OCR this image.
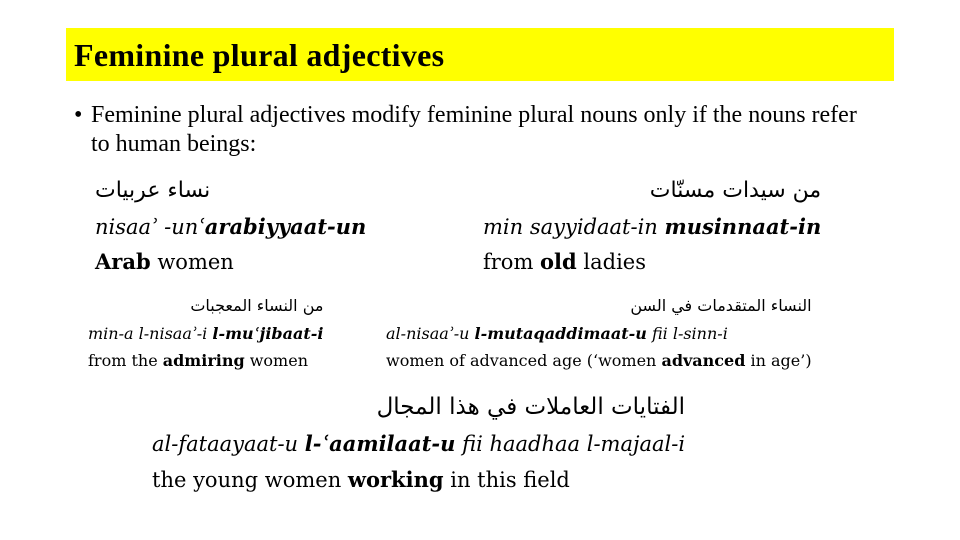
Feminine plural adjectives
• Feminine plural adjectives modify feminine plural nouns only if the nouns refer to human beings:
نساء عربيات
nisaaʾ -unʿarabiyyaat-un
Arab women
من سيدات مسنّات
min sayyidaat-in musinnaat-in
from old ladies
من النساء المعجبات
min-a l-nisaaʾ-i l-muʿjibaat-i
from the admiring women
النساء المتقدمات في السن
al-nisaaʾ-u l-mutaqaddimaat-u fii l-sinn-i
women of advanced age (‘women advanced in age’)
الفتايات العاملات في هذا المجال
al-fataayaat-u l-ʿaamilaat-u fii haadhaa l-majaal-i
the young women working in this field
